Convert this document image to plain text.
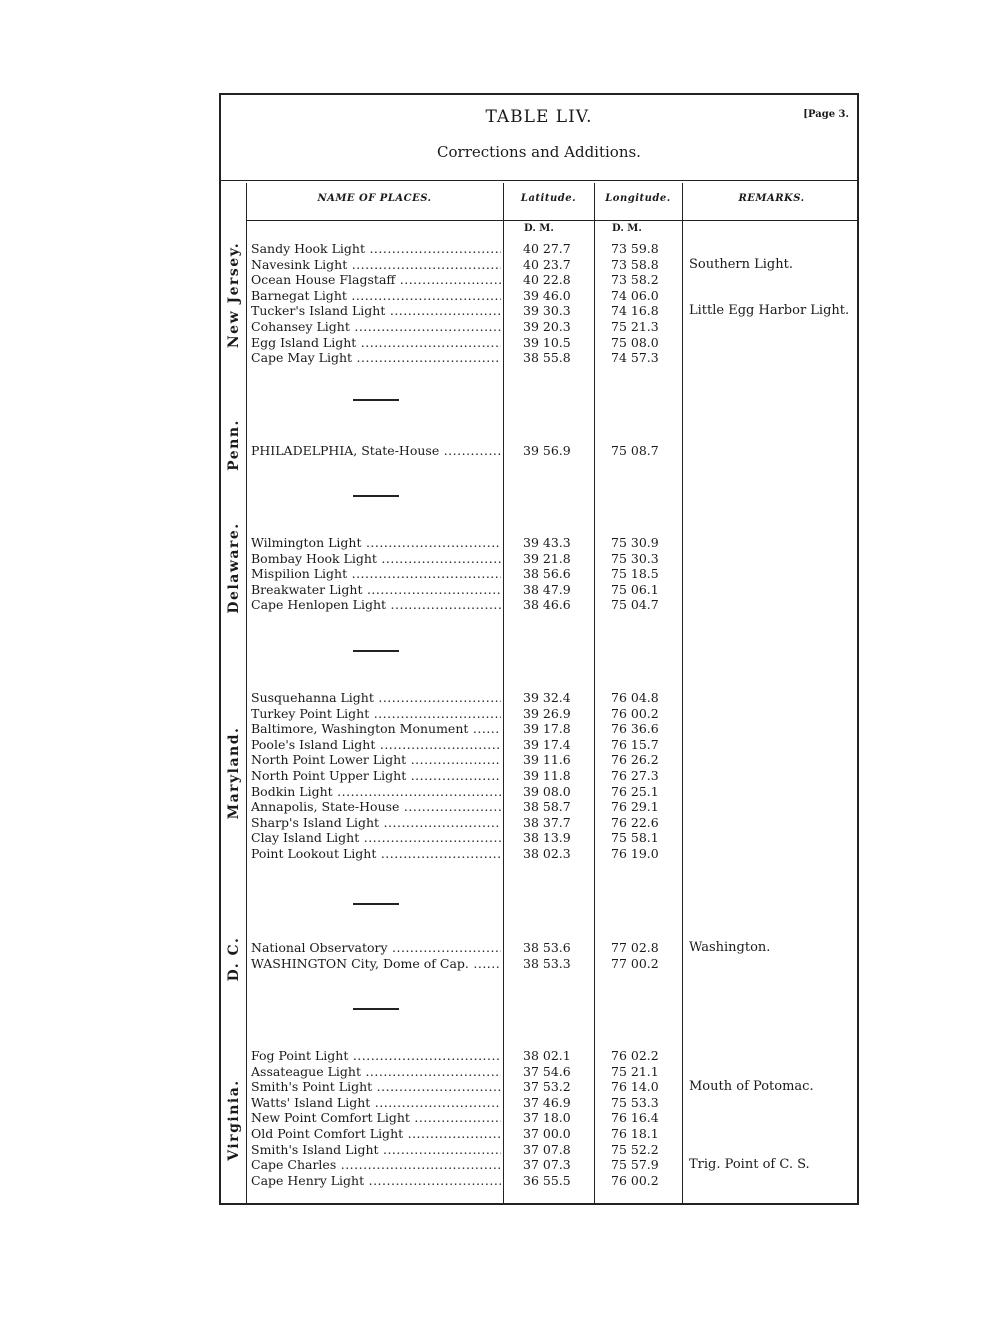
TABLE LIV.	[Page 3.
Corrections and Additions.
NAME OF PLACES.	Latitude.	Longitude.	REMARKS.
D. M.	D. M.
New Jersey. Sandy Hook Light .....	40 27.7	73 59.8
Navesink Light .....	40 23.7	73 58.8 Southern Light.
Ocean House Flagstaff .....	40 22.8	73 58.2
Barnegat Light .....	39 46.0	74 06.0
Tucker's Island Light .....	39 30.3	74 16.8 Little Egg Harbor Light.
Cohansey Light .....	39 20.3	75 21.3
Egg Island Light .....	39 10.5	75 08.0
Cape May Light .....	38 55.8	74 57.3
Penn. PHILADELPHIA, State-House .....	39 56.9	75 08.7
Delaware. Wilmington Light .....	39 43.3	75 30.9
Bombay Hook Light .....	39 21.8	75 30.3
Mispilion Light .....	38 56.6	75 18.5
Breakwater Light .....	38 47.9	75 06.1
Cape Henlopen Light .....	38 46.6	75 04.7
Maryland.
Susquehanna Light .....	39 32.4	76 04.8
Turkey Point Light .....	39 26.9	76 00.2
Baltimore, Washington Monument .....	39 17.8	76 36.6
Poole's Island Light .....	39 17.4	76 15.7
North Point Lower Light .....	39 11.6	76 26.2
North Point Upper Light .....	39 11.8	76 27.3
Bodkin Light .....	39 08.0	76 25.1
Annapolis, State-House .....	38 58.7	76 29.1
Sharp's Island Light .....	38 37.7	76 22.6
Clay Island Light .....	38 13.9	75 58.1
Point Lookout Light .....	38 02.3	76 19.0
D. C. National Observatory .....	38 53.6	77 02.8 Washington.
WASHINGTON City, Dome of Cap. .....	38 53.3	77 00.2
Virginia.
Fog Point Light .....	38 02.1	76 02.2
Assateague Light .....	37 54.6	75 21.1
Smith's Point Light .....	37 53.2	76 14.0 Mouth of Potomac.
Watts' Island Light .....	37 46.9	75 53.3
New Point Comfort Light .....	37 18.0	76 16.4
Old Point Comfort Light .....	37 00.0	76 18.1
Smith's Island Light .....	37 07.8	75 52.2
Cape Charles .....	37 07.3	75 57.9 Trig. Point of C. S.
Cape Henry Light .....	36 55.5	76 00.2
